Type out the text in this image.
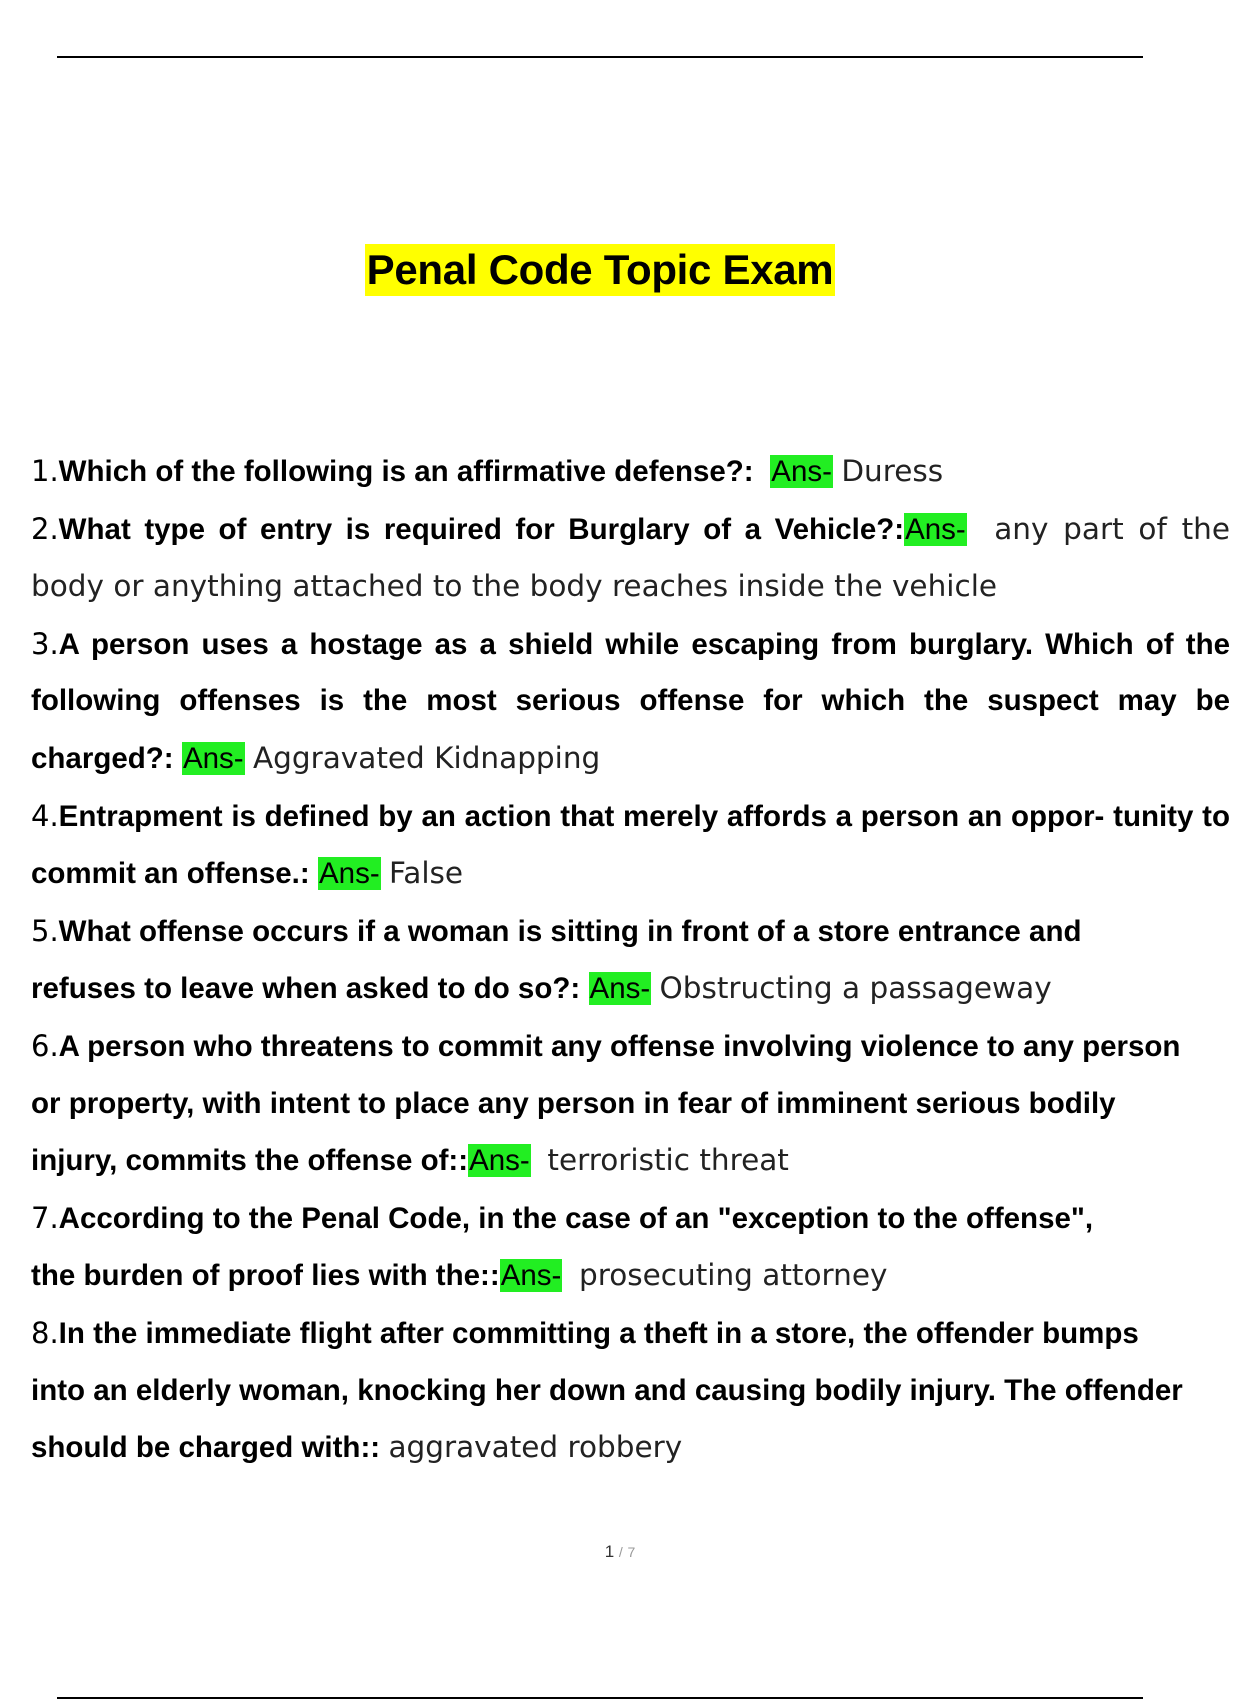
Penal Code Topic Exam
1.Which of the following is an affirmative defense?: Ans- Duress
2.What type of entry is required for Burglary of a Vehicle?:Ans- any part of the body or anything attached to the body reaches inside the vehicle
3.A person uses a hostage as a shield while escaping from burglary. Which of the following offenses is the most serious offense for which the suspect may be charged?: Ans- Aggravated Kidnapping
4.Entrapment is defined by an action that merely affords a person an oppor- tunity to commit an offense.: Ans- False
5.What offense occurs if a woman is sitting in front of a store entrance and refuses to leave when asked to do so?: Ans- Obstructing a passageway
6.A person who threatens to commit any offense involving violence to any person or property, with intent to place any person in fear of imminent serious bodily injury, commits the offense of::Ans- terroristic threat
7.According to the Penal Code, in the case of an "exception to the offense", the burden of proof lies with the::Ans- prosecuting attorney
8.In the immediate flight after committing a theft in a store, the offender bumps into an elderly woman, knocking her down and causing bodily injury. The offender should be charged with:: aggravated robbery
1 / 7
